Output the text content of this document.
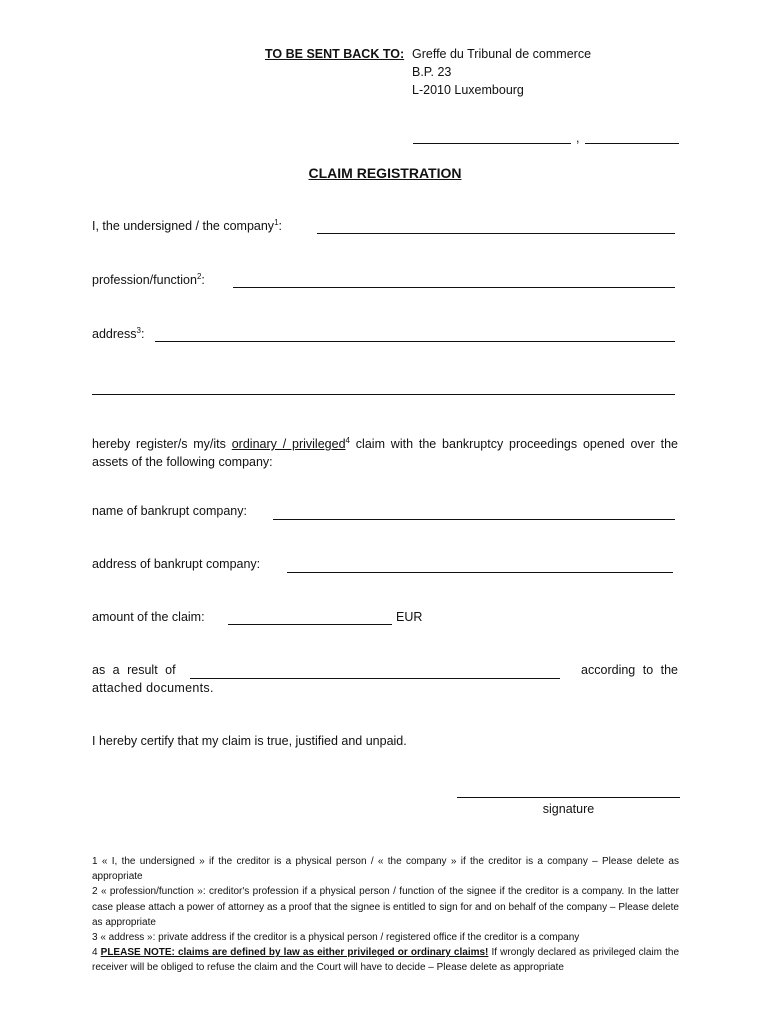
TO BE SENT BACK TO: Greffe du Tribunal de commerce
B.P. 23
L-2010 Luxembourg
,
CLAIM REGISTRATION
I, the undersigned / the company$^1$:
profession/function$^2$:
address$^3$:
hereby register/s my/its ordinary / privileged$^4$ claim with the bankruptcy proceedings opened over the assets of the following company:
name of bankrupt company:
address of bankrupt company:
amount of the claim:	EUR
as a result of	according to the
attached documents.
I hereby certify that my claim is true, justified and unpaid.
signature
1 « I, the undersigned » if the creditor is a physical person / « the company » if the creditor is a company – Please delete as appropriate
2 « profession/function »: creditor's profession if a physical person / function of the signee if the creditor is a company. In the latter case please attach a power of attorney as a proof that the signee is entitled to sign for and on behalf of the company – Please delete as appropriate
3 « address »: private address if the creditor is a physical person / registered office if the creditor is a company
4 PLEASE NOTE: claims are defined by law as either privileged or ordinary claims! If wrongly declared as privileged claim the receiver will be obliged to refuse the claim and the Court will have to decide – Please delete as appropriate
